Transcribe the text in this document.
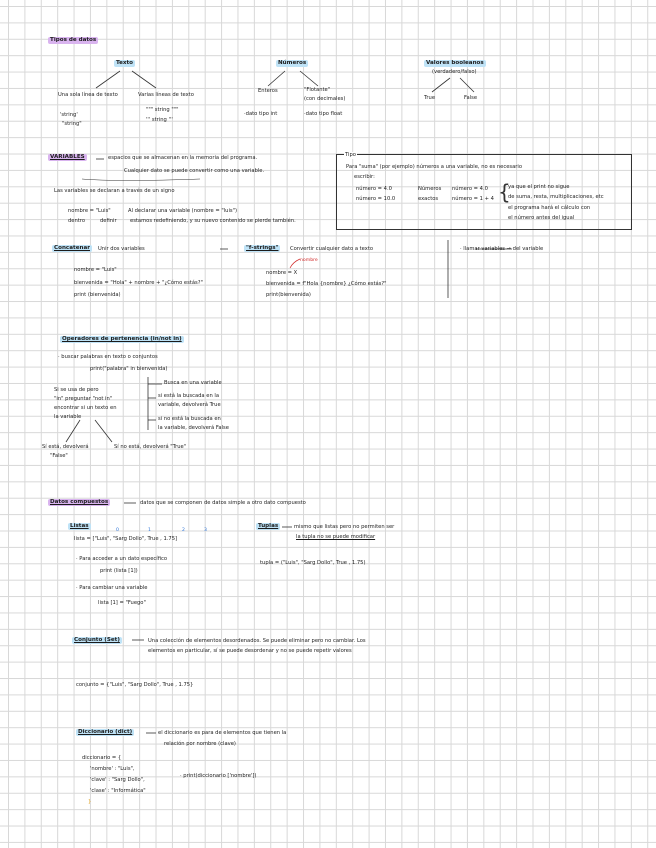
Tipos de datos
Texto
Una sola línea de texto
'string'
"string"
Varias líneas de texto
""" string """
''' string '''
Números
Enteros	"Flotante"
(con decimales)
·dato tipo int	·dato tipo float
Valores booleanos
(verdadero/falso)
True	False
VARIABLES	espacios que se almacenan en la memoria del programa.
Cualquier dato se puede convertir como una variable.
Las variables se declaran a través de un signo
nombre = "Luis"
dentro	definir
Al declarar una variable (nombre = "luis")
estamos redefiniendo, y su nuevo contenido se pierde también.
Tipo
Para "suma" (por ejemplo) números a una variable, no es necesario
escribir:
número = 4.0
número = 10.0
Números
exactos
número = 4.0
número = 1 + 4 {
ya que el print no sigue
de suma, resta, multiplicaciones, etc
el programa hará el cálculo con
el número antes del igual
Concatenar	Unir dos variables
nombre = "Luis"
bienvenida = "Hola" + nombre + "¿Cómo estás?"
print (bienvenida)
"f-strings"	Convertir cualquier dato a texto
nombre
nombre = X
bienvenida = f"Hola {nombre} ¿Cómo estás?"
print(bienvenida)
· llamar variables → del variable
Operadores de pertenencia (in/not in)
· buscar palabras en texto o conjuntos
print("palabra" in bienvenida)
Busca en una variable
Si se usa de pero
"in" preguntar "not in"
encontrar si un texto en
la variable
si está la buscada en la
variable, devolverá True
si no está la buscada en
la variable, devolverá False
Sí está, devolverá
"False"
Sí no está, devolverá "True"
Datos compuestos	datos que se componen de datos simple a otro dato compuesto
Listas
0	1	2	3
lista = ["Luis", "Sarg Dollo", True , 1.75]
· Para acceder a un dato específico
print (lista [1])
· Para cambiar una variable
lista [1] = "Fuego"
Tuplas	mismo que listas pero no permiten ser
la tupla no se puede modificar
tupla = ("Luis", "Sarg Dollo", True , 1.75)
Conjunto (Set)	Una colección de elementos desordenados. Se puede eliminar pero no cambiar. Los
elementos en particular, sí se puede desordenar y no se puede repetir valores
conjunto = {"Luis", "Sarg Dollo", True , 1.75}
Diccionario (dict)	el diccionario es para de elementos que tienen la
relación por nombre (clave)
diccionario = {
'nombre' : "Luis",
'clave' : "Sarg Dollo",
'clase' : "Informática"
}
· print(diccionario ['nombre'])
